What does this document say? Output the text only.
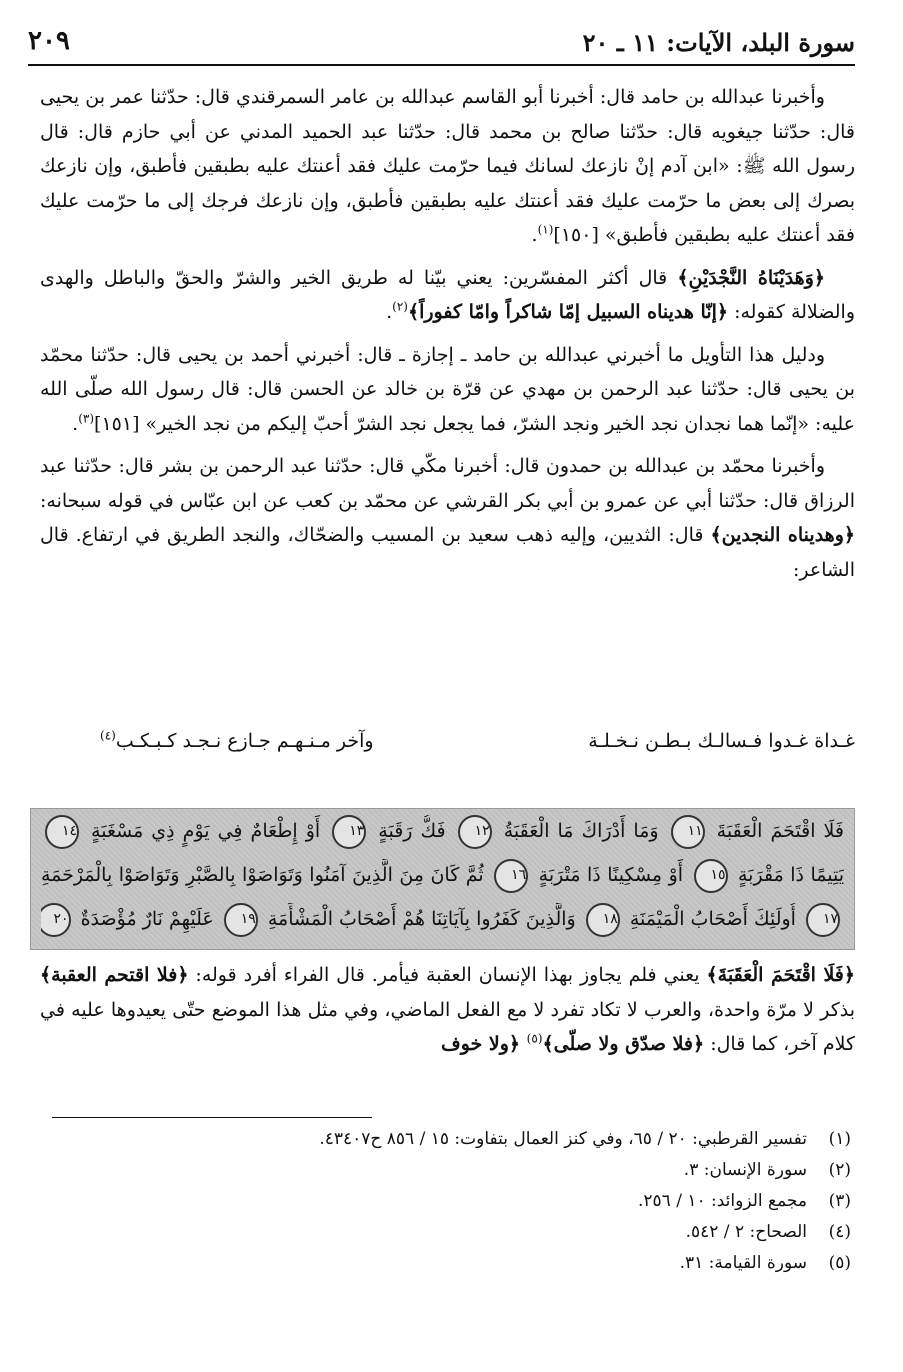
سورة البلد، الآيات: ١١ ـ ٢٠
٢٠٩

وأخبرنا عبدالله بن حامد قال: أخبرنا أبو القاسم عبدالله بن عامر السمرقندي قال: حدّثنا عمر بن يحيى قال: حدّثنا جيغويه قال: حدّثنا صالح بن محمد قال: حدّثنا عبد الحميد المدني عن أبي حازم قال: قال رسول الله ﷺ: «ابن آدم إنْ نازعك لسانك فيما حرّمت عليك فقد أعنتك عليه بطبقين فأطبق، وإن نازعك بصرك إلى بعض ما حرّمت عليك فقد أعنتك عليه بطبقين فأطبق، وإن نازعك فرجك إلى ما حرّمت عليك فقد أعنتك عليه بطبقين فأطبق» [١٥٠]$^{(١)}$.

﴿وَهَدَيْنَاهُ النَّجْدَيْنِ﴾ قال أكثر المفسّرين: يعني بيّنا له طريق الخير والشرّ والحقّ والباطل والهدى والضلالة كقوله: ﴿إنّا هديناه السبيل إمّا شاكراً وامّا كفوراً﴾$^{(٢)}$.

ودليل هذا التأويل ما أخبرني عبدالله بن حامد ـ إجازة ـ قال: أخبرني أحمد بن يحيى قال: حدّثنا محمّد بن يحيى قال: حدّثنا عبد الرحمن بن مهدي عن قرّة بن خالد عن الحسن قال: قال رسول الله صلّى الله عليه: «إنّما هما نجدان نجد الخير ونجد الشرّ، فما يجعل نجد الشرّ أحبّ إليكم من نجد الخير» [١٥١]$^{(٣)}$.

وأخبرنا محمّد بن عبدالله بن حمدون قال: أخبرنا مكّي قال: حدّثنا عبد الرحمن بن بشر قال: حدّثنا عبد الرزاق قال: حدّثنا أبي عن عمرو بن أبي بكر القرشي عن محمّد بن كعب عن ابن عبّاس في قوله سبحانه: ﴿وهديناه النجدين﴾ قال: الثديين، وإليه ذهب سعيد بن المسيب والضحّاك، والنجد الطريق في ارتفاع. قال الشاعر:

غـداة غـدوا فـسالـك بـطـن نـخـلـة
وآخر مـنـهـم جـازع نـجـد كـبـكـب$^{(٤)}$
فَلَا اقْتَحَمَ الْعَقَبَةَ ١١ وَمَا أَدْرَاكَ مَا الْعَقَبَةُ ١٢ فَكُّ رَقَبَةٍ ١٣ أَوْ إِطْعَامٌ فِي يَوْمٍ ذِي مَسْغَبَةٍ ١٤
يَتِيمًا ذَا مَقْرَبَةٍ ١٥ أَوْ مِسْكِينًا ذَا مَتْرَبَةٍ ١٦ ثُمَّ كَانَ مِنَ الَّذِينَ آمَنُوا وَتَوَاصَوْا بِالصَّبْرِ وَتَوَاصَوْا بِالْمَرْحَمَةِ
١٧ أُولَئِكَ أَصْحَابُ الْمَيْمَنَةِ ١٨ وَالَّذِينَ كَفَرُوا بِآيَاتِنَا هُمْ أَصْحَابُ الْمَشْأَمَةِ ١٩ عَلَيْهِمْ نَارٌ مُؤْصَدَةٌ ٢٠

﴿فَلَا اقْتَحَمَ الْعَقَبَةَ﴾ يعني فلم يجاوز بهذا الإنسان العقبة فيأمر. قال الفراء أفرد قوله: ﴿فلا اقتحم العقبة﴾ بذكر لا مرّة واحدة، والعرب لا تكاد تفرد لا مع الفعل الماضي، وفي مثل هذا الموضع حتّى يعيدوها عليه في كلام آخر، كما قال: ﴿فلا صدّق ولا صلّى﴾$^{(٥)}$ ﴿ولا خوف

(١)تفسير القرطبي: ٢٠ / ٦٥، وفي كنز العمال بتفاوت: ١٥ / ٨٥٦ ح٤٣٤٠٧.
(٢)سورة الإنسان: ٣.
(٣)مجمع الزوائد: ١٠ / ٢٥٦.
(٤)الصحاح: ٢ / ٥٤٢.
(٥)سورة القيامة: ٣١.
